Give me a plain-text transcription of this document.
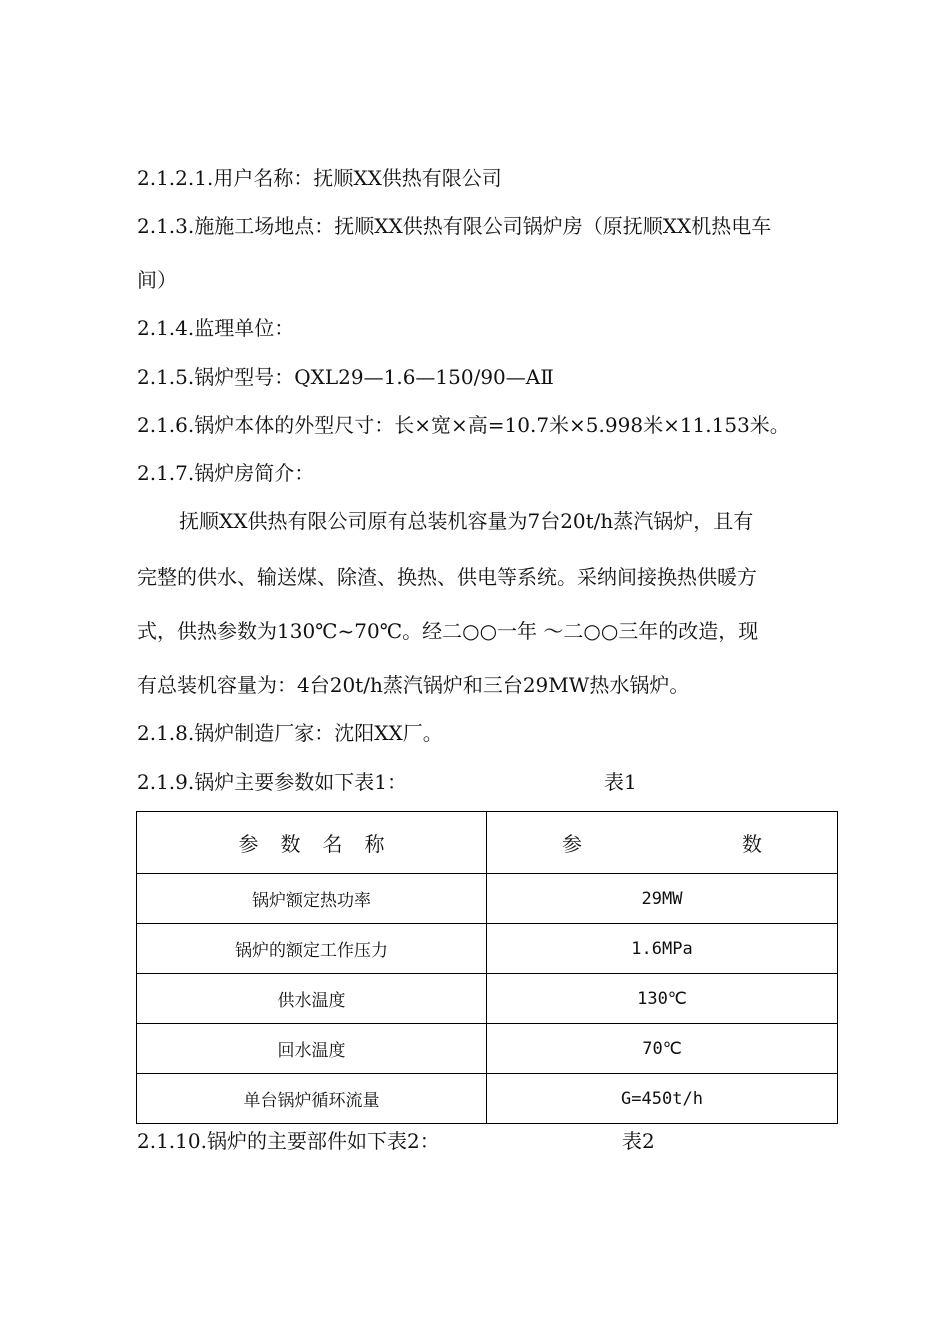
2.1.2.1.用户名称：抚顺XX供热有限公司
2.1.3.施施工场地点：抚顺XX供热有限公司锅炉房（原抚顺XX机热电车
间）
2.1.4.监理单位：
2.1.5.锅炉型号：QXL29—1.6—150/90—AⅡ
2.1.6.锅炉本体的外型尺寸：长×宽×高=10.7米×5.998米×11.153米。
2.1.7.锅炉房简介：
抚顺XX供热有限公司原有总装机容量为7台20t/h蒸汽锅炉，且有
完整的供水、输送煤、除渣、换热、供电等系统。采纳间接换热供暖方
式，供热参数为130℃~70℃。经二○○一年 ～二○○三年的改造，现
有总装机容量为：4台20t/h蒸汽锅炉和三台29MW热水锅炉。
2.1.8.锅炉制造厂家：沈阳XX厂。
2.1.9.锅炉主要参数如下表1：	表1
参数名称	参 数

锅炉额定热功率	29MW
锅炉的额定工作压力	1.6MPa
供水温度	130℃
回水温度	70℃
单台锅炉循环流量	G=450t/h
2.1.10.锅炉的主要部件如下表2：	表2
